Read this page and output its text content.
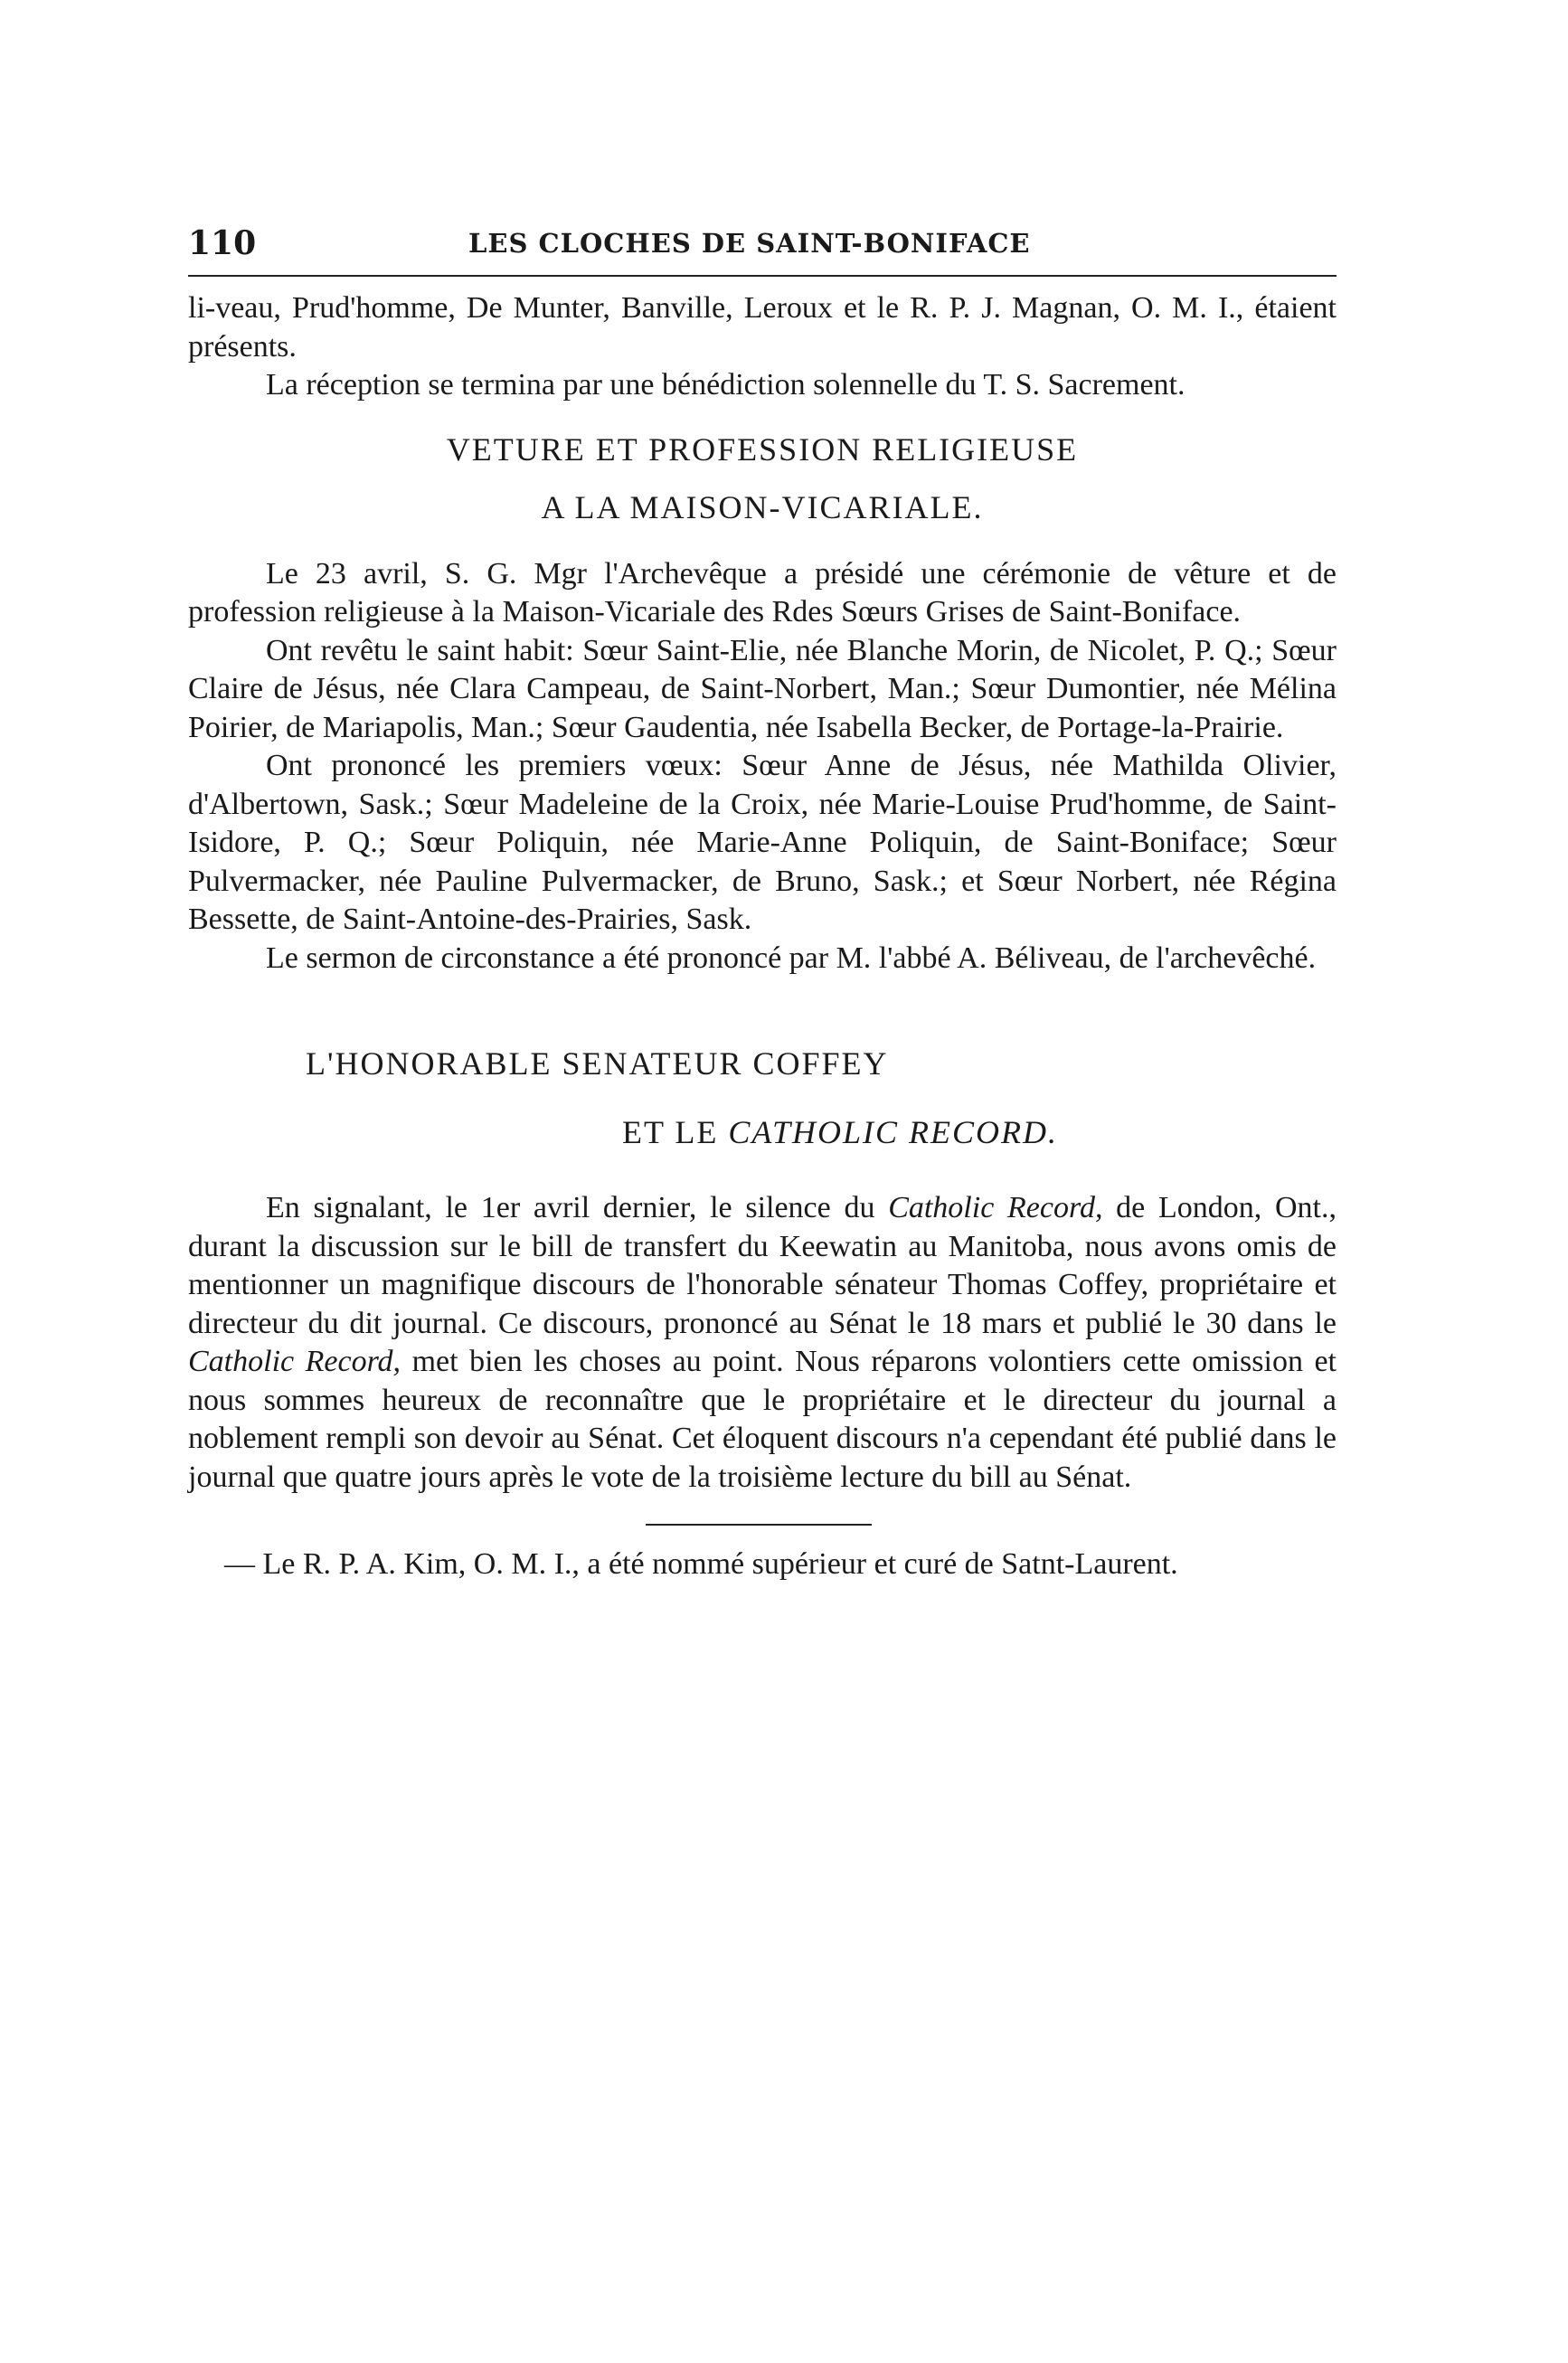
110	LES CLOCHES DE SAINT-BONIFACE

li-veau, Prud'homme, De Munter, Banville, Leroux et le R. P. J. Magnan, O. M. I., étaient présents.

La réception se termina par une bénédiction solennelle du T. S. Sacrement.

VETURE ET PROFESSION RELIGIEUSE
A LA MAISON-VICARIALE.

Le 23 avril, S. G. Mgr l'Archevêque a présidé une cérémonie de vêture et de profession religieuse à la Maison-Vicariale des Rdes Sœurs Grises de Saint-Boniface.

Ont revêtu le saint habit: Sœur Saint-Elie, née Blanche Morin, de Nicolet, P. Q.; Sœur Claire de Jésus, née Clara Campeau, de Saint-Norbert, Man.; Sœur Dumontier, née Mélina Poirier, de Mariapolis, Man.; Sœur Gaudentia, née Isabella Becker, de Portage-la-Prairie.

Ont prononcé les premiers vœux: Sœur Anne de Jésus, née Mathilda Olivier, d'Albertown, Sask.; Sœur Madeleine de la Croix, née Marie-Louise Prud'homme, de Saint-Isidore, P. Q.; Sœur Poliquin, née Marie-Anne Poliquin, de Saint-Boniface; Sœur Pulvermacker, née Pauline Pulvermacker, de Bruno, Sask.; et Sœur Norbert, née Régina Bessette, de Saint-Antoine-des-Prairies, Sask.

Le sermon de circonstance a été prononcé par M. l'abbé A. Béliveau, de l'archevêché.

L'HONORABLE SENATEUR COFFEY
ET LE CATHOLIC RECORD.

En signalant, le 1er avril dernier, le silence du Catholic Record, de London, Ont., durant la discussion sur le bill de transfert du Keewatin au Manitoba, nous avons omis de mentionner un magnifique discours de l'honorable sénateur Thomas Coffey, propriétaire et directeur du dit journal. Ce discours, prononcé au Sénat le 18 mars et publié le 30 dans le Catholic Record, met bien les choses au point. Nous réparons volontiers cette omission et nous sommes heureux de reconnaître que le propriétaire et le directeur du journal a noblement rempli son devoir au Sénat. Cet éloquent discours n'a cependant été publié dans le journal que quatre jours après le vote de la troisième lecture du bill au Sénat.

— Le R. P. A. Kim, O. M. I., a été nommé supérieur et curé de Satnt-Laurent.
